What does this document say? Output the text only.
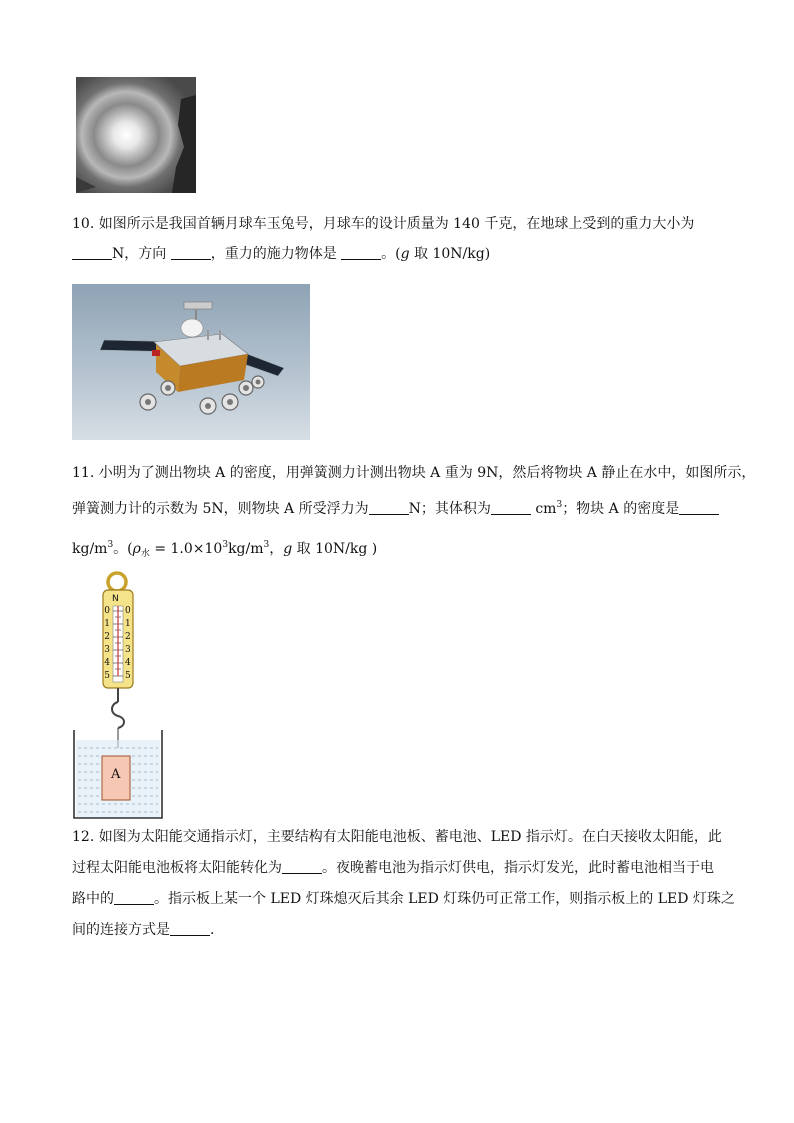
10. 如图所示是我国首辆月球车玉兔号，月球车的设计质量为 140 千克，在地球上受到的重力大小为
N，方向	，重力的施力物体是	。(g 取 10N/kg)
11. 小明为了测出物块 A 的密度，用弹簧测力计测出物块 A 重为 9N，然后将物块 A 静止在水中，如图所示，
弹簧测力计的示数为 5N，则物块 A 所受浮力为	N；其体积为	$cm^3$；物块 A 的密度是
$kg/m^3$。($\rho_水 = 1.0\times 10^3kg/m^3$，g 取 10N/kg )
N
0
1
2
3
4
5
0
1
2
3
4
5
A
12. 如图为太阳能交通指示灯，主要结构有太阳能电池板、蓄电池、LED 指示灯。在白天接收太阳能，此
过程太阳能电池板将太阳能转化为	。夜晚蓄电池为指示灯供电，指示灯发光，此时蓄电池相当于电
路中的	。指示板上某一个 LED 灯珠熄灭后其余 LED 灯珠仍可正常工作，则指示板上的 LED 灯珠之
间的连接方式是	.
